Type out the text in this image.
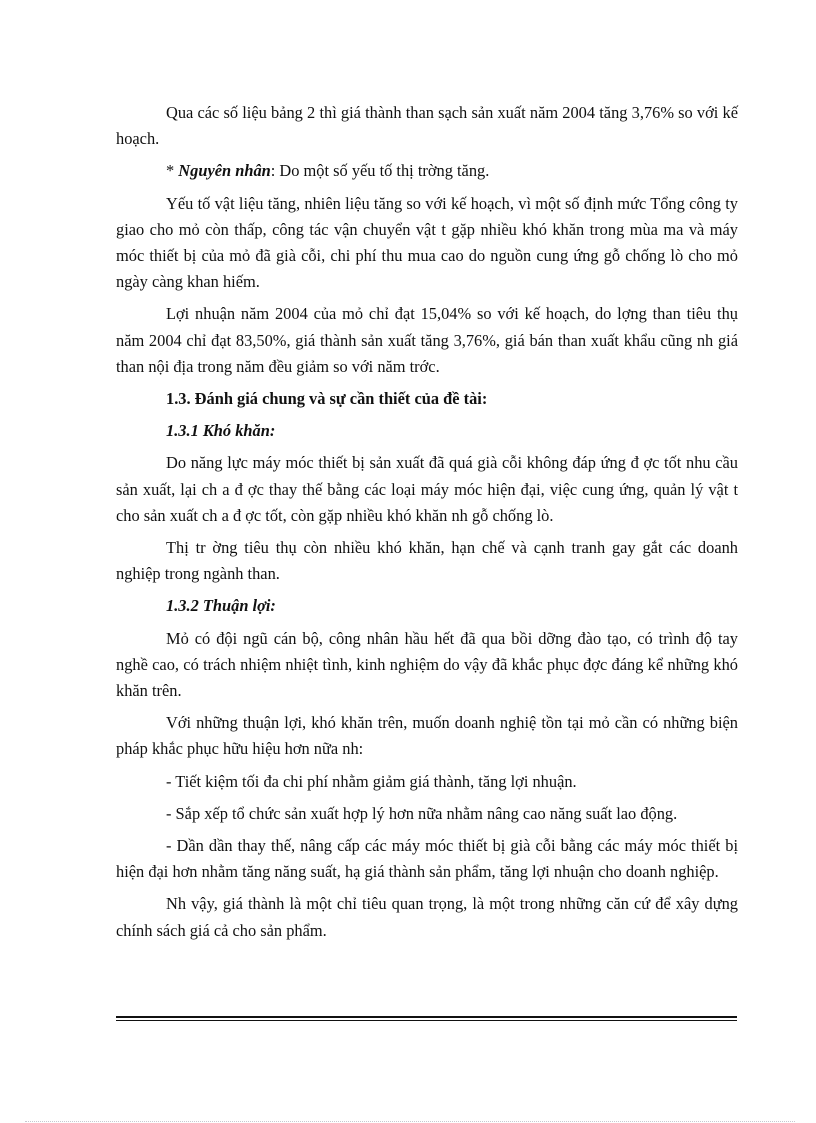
Qua các số liệu bảng 2 thì giá thành than sạch sản xuất năm 2004 tăng 3,76% so với kế hoạch.

* Nguyên nhân: Do một số yếu tố thị trờng tăng.

Yếu tố vật liệu tăng, nhiên liệu tăng so với kế hoạch, vì một số định mức Tổng công ty giao cho mỏ còn thấp, công tác vận chuyển vật t gặp nhiều khó khăn trong mùa ma và máy móc thiết bị của mỏ đã già cỗi, chi phí thu mua cao do nguồn cung ứng gỗ chống lò cho mỏ ngày càng khan hiếm.

Lợi nhuận năm 2004 của mỏ chỉ đạt 15,04% so với kế hoạch, do lợng than tiêu thụ năm 2004 chỉ đạt 83,50%, giá thành sản xuất tăng 3,76%, giá bán than xuất khẩu cũng nh giá than nội địa trong năm đều giảm so với năm trớc.

1.3. Đánh giá chung và sự cần thiết của đề tài:
1.3.1 Khó khăn:

Do năng lực máy móc thiết bị sản xuất đã quá già cỗi không đáp ứng đ ợc tốt nhu cầu sản xuất, lại ch a đ ợc thay thế bằng các loại máy móc hiện đại, việc cung ứng, quản lý vật t cho sản xuất ch a đ ợc tốt, còn gặp nhiều khó khăn nh gỗ chống lò.

Thị tr ờng tiêu thụ còn nhiều khó khăn, hạn chế và cạnh tranh gay gắt các doanh nghiệp trong ngành than.

1.3.2 Thuận lợi:

Mỏ có đội ngũ cán bộ, công nhân hầu hết đã qua bồi dỡng đào tạo, có trình độ tay nghề cao, có trách nhiệm nhiệt tình, kinh nghiệm do vậy đã khắc phục đợc đáng kể những khó khăn trên.

Với những thuận lợi, khó khăn trên, muốn doanh nghiệ tồn tại mỏ cần có những biện pháp khắc phục hữu hiệu hơn nữa nh:

- Tiết kiệm tối đa chi phí nhằm giảm giá thành, tăng lợi nhuận.

- Sắp xếp tổ chức sản xuất hợp lý hơn nữa nhằm nâng cao năng suất lao động.

- Dần dần thay thế, nâng cấp các máy móc thiết bị già cỗi bằng các máy móc thiết bị hiện đại hơn nhằm tăng năng suất, hạ giá thành sản phẩm, tăng lợi nhuận cho doanh nghiệp.

Nh vậy, giá thành là một chỉ tiêu quan trọng, là một trong những căn cứ để xây dựng chính sách giá cả cho sản phẩm.
